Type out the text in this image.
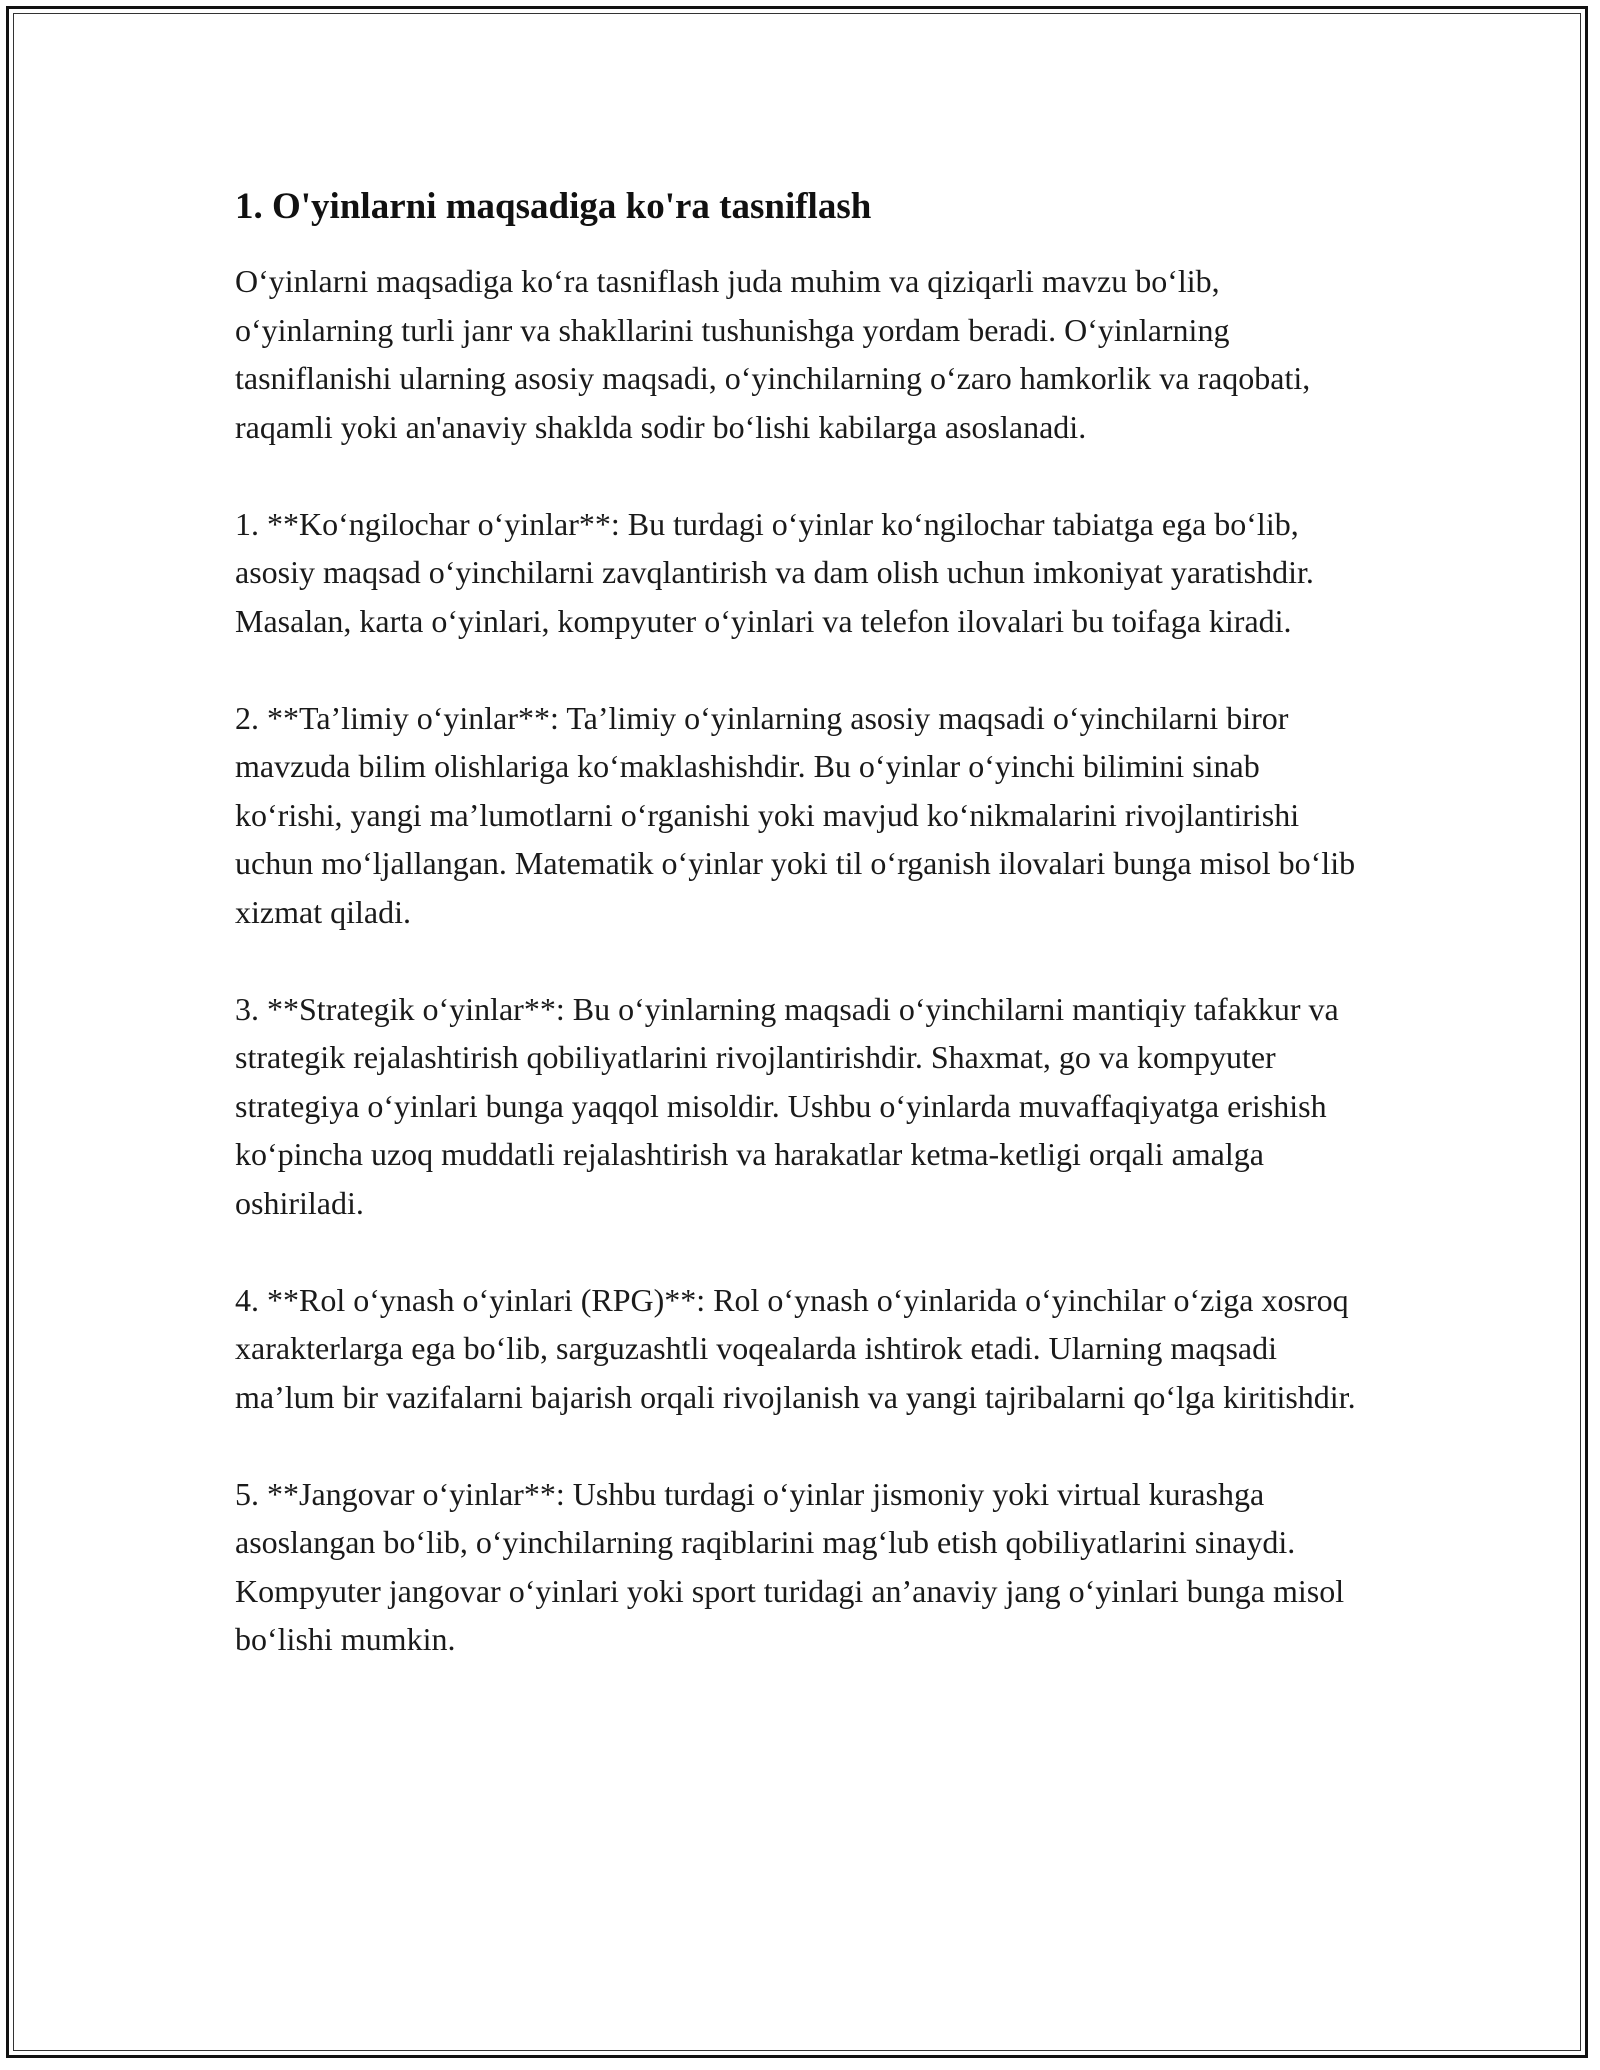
1. O'yinlarni maqsadiga ko'ra tasniflash

O‘yinlarni maqsadiga ko‘ra tasniflash juda muhim va qiziqarli mavzu bo‘lib, o‘yinlarning turli janr va shakllarini tushunishga yordam beradi. O‘yinlarning tasniflanishi ularning asosiy maqsadi, o‘yinchilarning o‘zaro hamkorlik va raqobati, raqamli yoki an'anaviy shaklda sodir bo‘lishi kabilarga asoslanadi.

1. **Ko‘ngilochar o‘yinlar**: Bu turdagi o‘yinlar ko‘ngilochar tabiatga ega bo‘lib, asosiy maqsad o‘yinchilarni zavqlantirish va dam olish uchun imkoniyat yaratishdir. Masalan, karta o‘yinlari, kompyuter o‘yinlari va telefon ilovalari bu toifaga kiradi.

2. **Ta’limiy o‘yinlar**: Ta’limiy o‘yinlarning asosiy maqsadi o‘yinchilarni biror mavzuda bilim olishlariga ko‘maklashishdir. Bu o‘yinlar o‘yinchi bilimini sinab ko‘rishi, yangi ma’lumotlarni o‘rganishi yoki mavjud ko‘nikmalarini rivojlantirishi uchun mo‘ljallangan. Matematik o‘yinlar yoki til o‘rganish ilovalari bunga misol bo‘lib xizmat qiladi.

3. **Strategik o‘yinlar**: Bu o‘yinlarning maqsadi o‘yinchilarni mantiqiy tafakkur va strategik rejalashtirish qobiliyatlarini rivojlantirishdir. Shaxmat, go va kompyuter strategiya o‘yinlari bunga yaqqol misoldir. Ushbu o‘yinlarda muvaffaqiyatga erishish ko‘pincha uzoq muddatli rejalashtirish va harakatlar ketma-ketligi orqali amalga oshiriladi.

4. **Rol o‘ynash o‘yinlari (RPG)**: Rol o‘ynash o‘yinlarida o‘yinchilar o‘ziga xosroq xarakterlarga ega bo‘lib, sarguzashtli voqealarda ishtirok etadi. Ularning maqsadi ma’lum bir vazifalarni bajarish orqali rivojlanish va yangi tajribalarni qo‘lga kiritishdir.

5. **Jangovar o‘yinlar**: Ushbu turdagi o‘yinlar jismoniy yoki virtual kurashga asoslangan bo‘lib, o‘yinchilarning raqiblarini mag‘lub etish qobiliyatlarini sinaydi. Kompyuter jangovar o‘yinlari yoki sport turidagi an’anaviy jang o‘yinlari bunga misol bo‘lishi mumkin.
